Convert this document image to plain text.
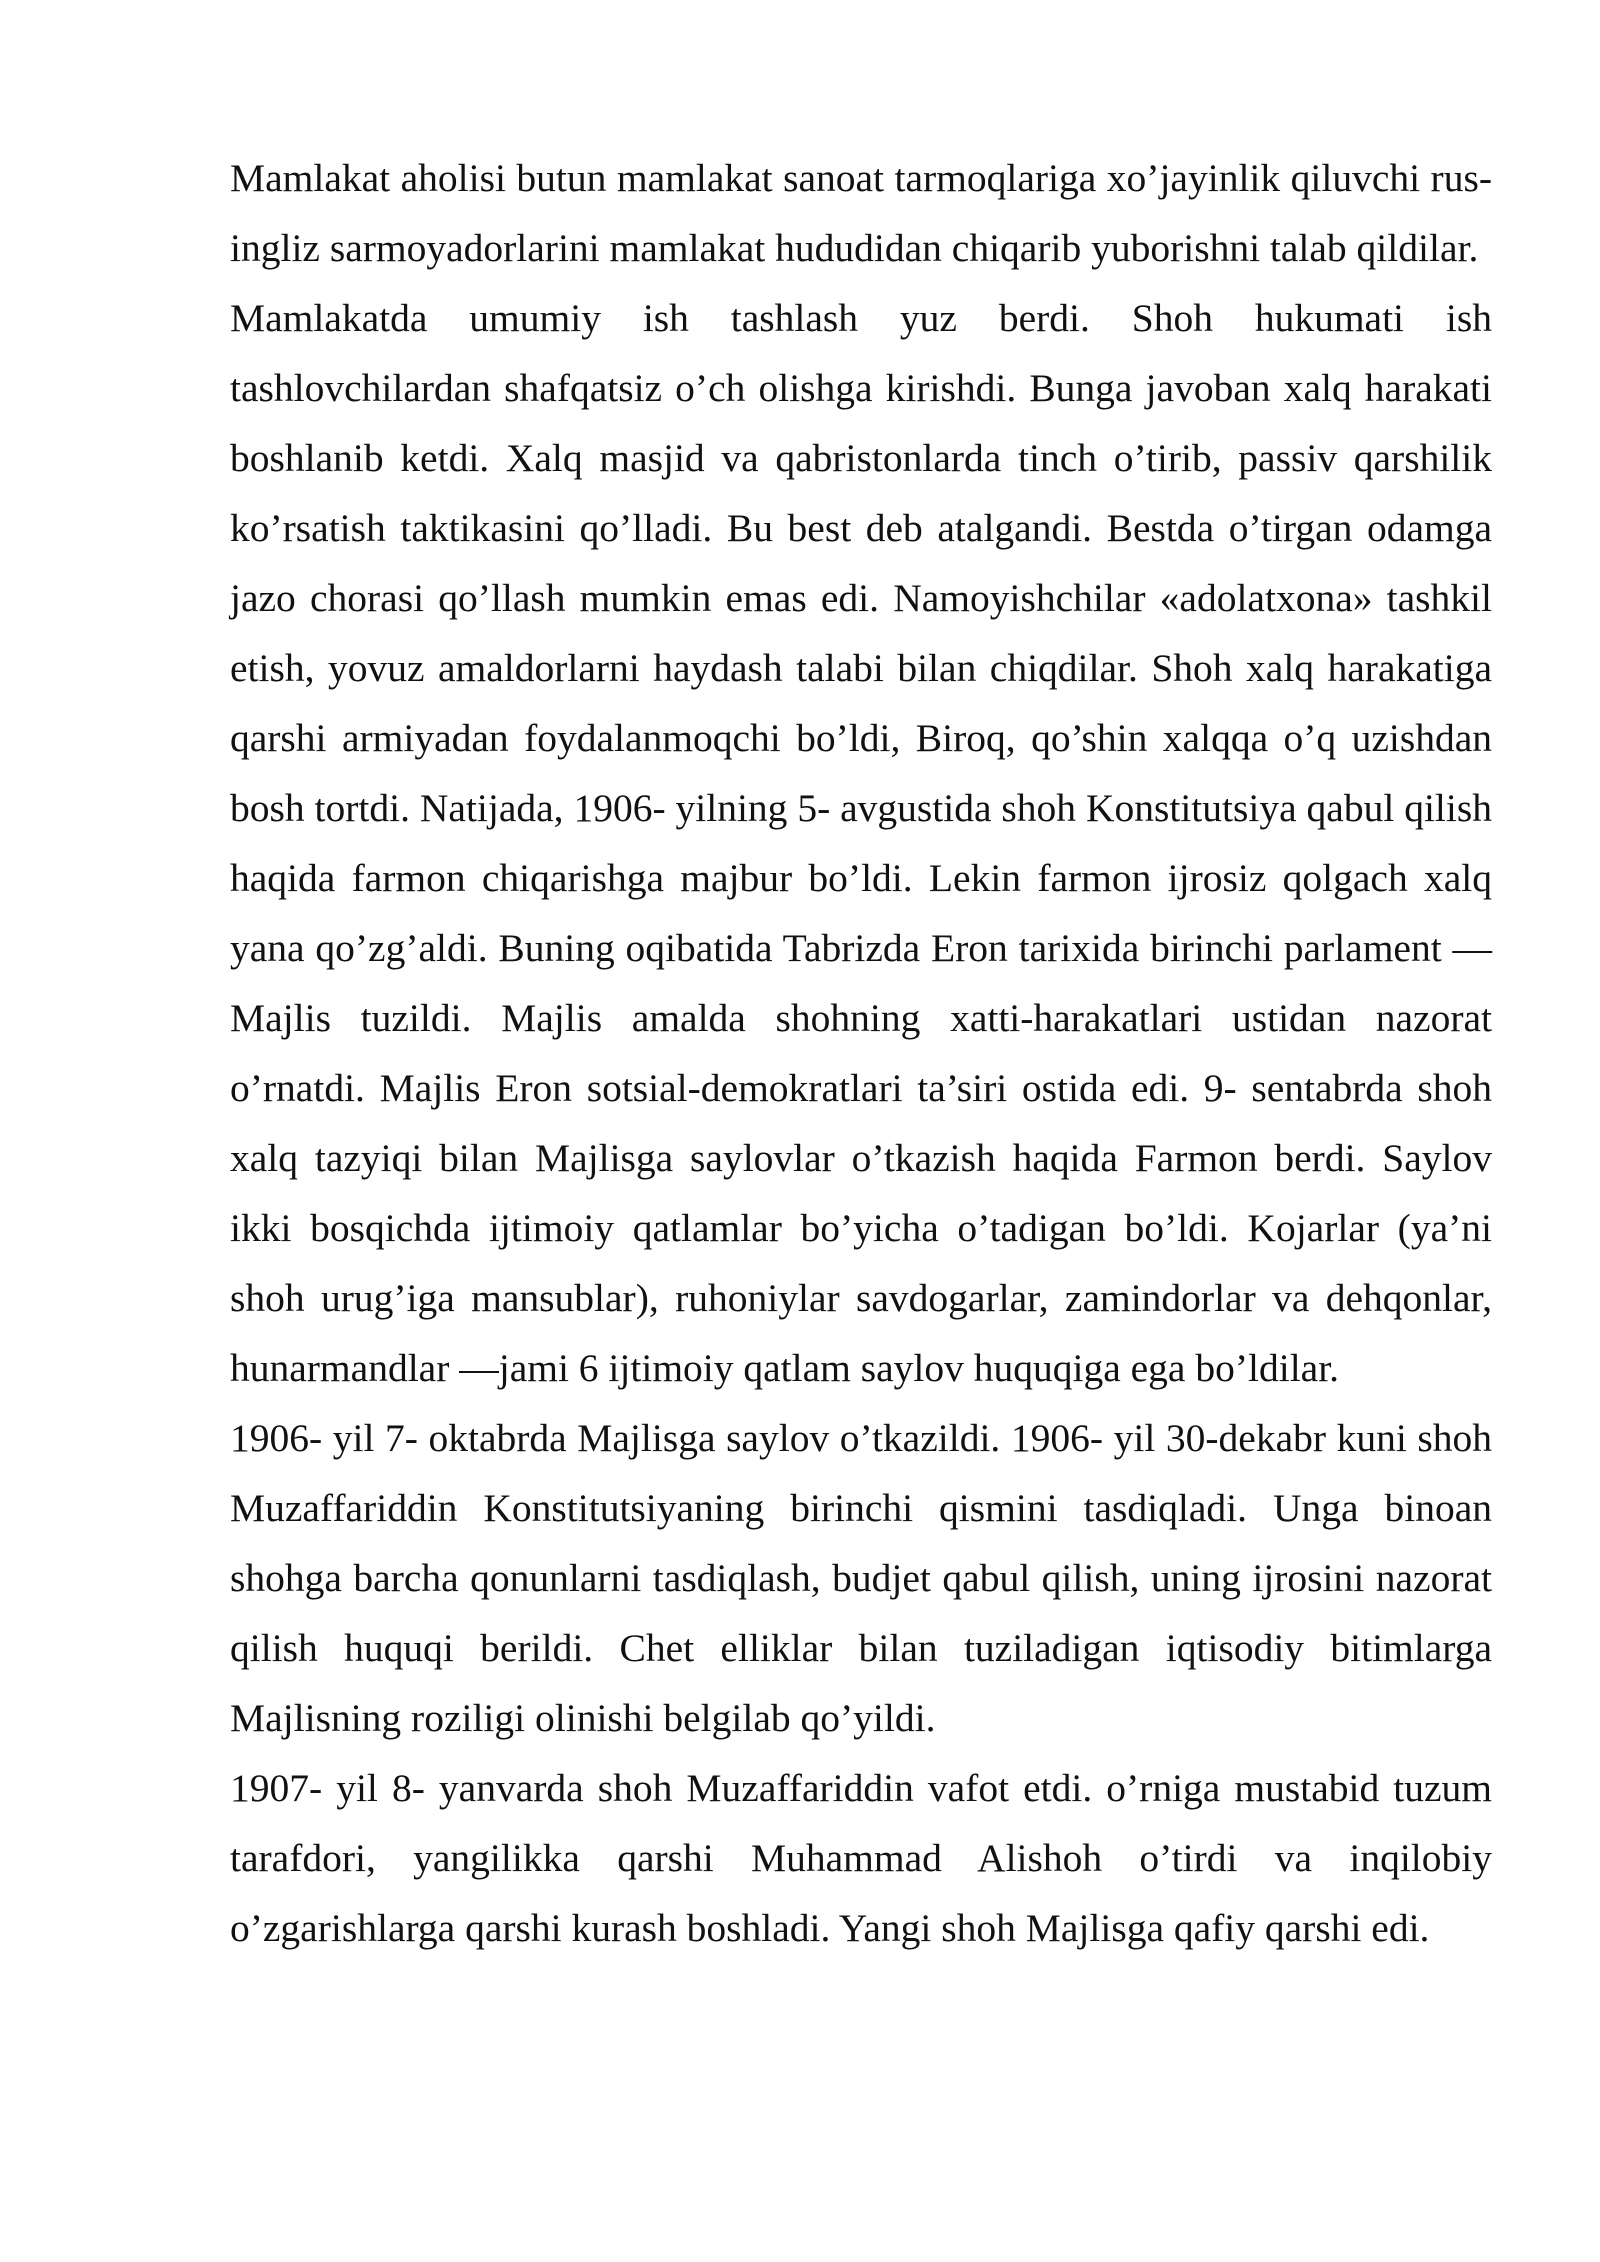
Mamlakat aholisi butun mamlakat sanoat tarmoqlariga xo’jayinlik qiluvchi rus-ingliz sarmoyadorlarini mamlakat hududidan chiqarib yuborishni talab qildilar.

Mamlakatda umumiy ish tashlash yuz berdi. Shoh hukumati ish tashlovchilardan shafqatsiz o’ch olishga kirishdi. Bunga javoban xalq harakati boshlanib ketdi. Xalq masjid va qabristonlarda tinch o’tirib, passiv qarshilik ko’rsatish taktikasini qo’lladi. Bu best deb atalgandi. Bestda o’tirgan odamga jazo chorasi qo’llash mumkin emas edi. Namoyishchilar «adolatxona» tashkil etish, yovuz amaldorlarni haydash talabi bilan chiqdilar. Shoh xalq harakatiga qarshi armiyadan foydalanmoqchi bo’ldi, Biroq, qo’shin xalqqa o’q uzishdan bosh tortdi. Natijada, 1906- yilning 5- avgustida shoh Konstitutsiya qabul qilish haqida farmon chiqarishga majbur bo’ldi. Lekin farmon ijrosiz qolgach xalq yana qo’zg’aldi. Buning oqibatida Tabrizda Eron tarixida birinchi parlament — Majlis tuzildi. Majlis amalda shohning xatti-harakatlari ustidan nazorat o’rnatdi. Majlis Eron sotsial-demokratlari ta’siri ostida edi. 9- sentabrda shoh xalq tazyiqi bilan Majlisga saylovlar o’tkazish haqida Farmon berdi. Saylov ikki bosqichda ijtimoiy qatlamlar bo’yicha o’tadigan bo’ldi. Kojarlar (ya’ni shoh urug’iga mansublar), ruhoniylar savdogarlar, zamindorlar va dehqonlar, hunarmandlar —jami 6 ijtimoiy qatlam saylov huquqiga ega bo’ldilar.

1906- yil 7- oktabrda Majlisga saylov o’tkazildi. 1906- yil 30-dekabr kuni shoh Muzaffariddin Konstitutsiyaning birinchi qismini tasdiqladi. Unga binoan shohga barcha qonunlarni tasdiqlash, budjet qabul qilish, uning ijrosini nazorat qilish huquqi berildi. Chet elliklar bilan tuziladigan iqtisodiy bitimlarga Majlisning roziligi olinishi belgilab qo’yildi.

1907- yil 8- yanvarda shoh Muzaffariddin vafot etdi. o’rniga mustabid tuzum tarafdori, yangilikka qarshi Muhammad Alishoh o’tirdi va inqilobiy o’zgarishlarga qarshi kurash boshladi. Yangi shoh Majlisga qafiy qarshi edi.
